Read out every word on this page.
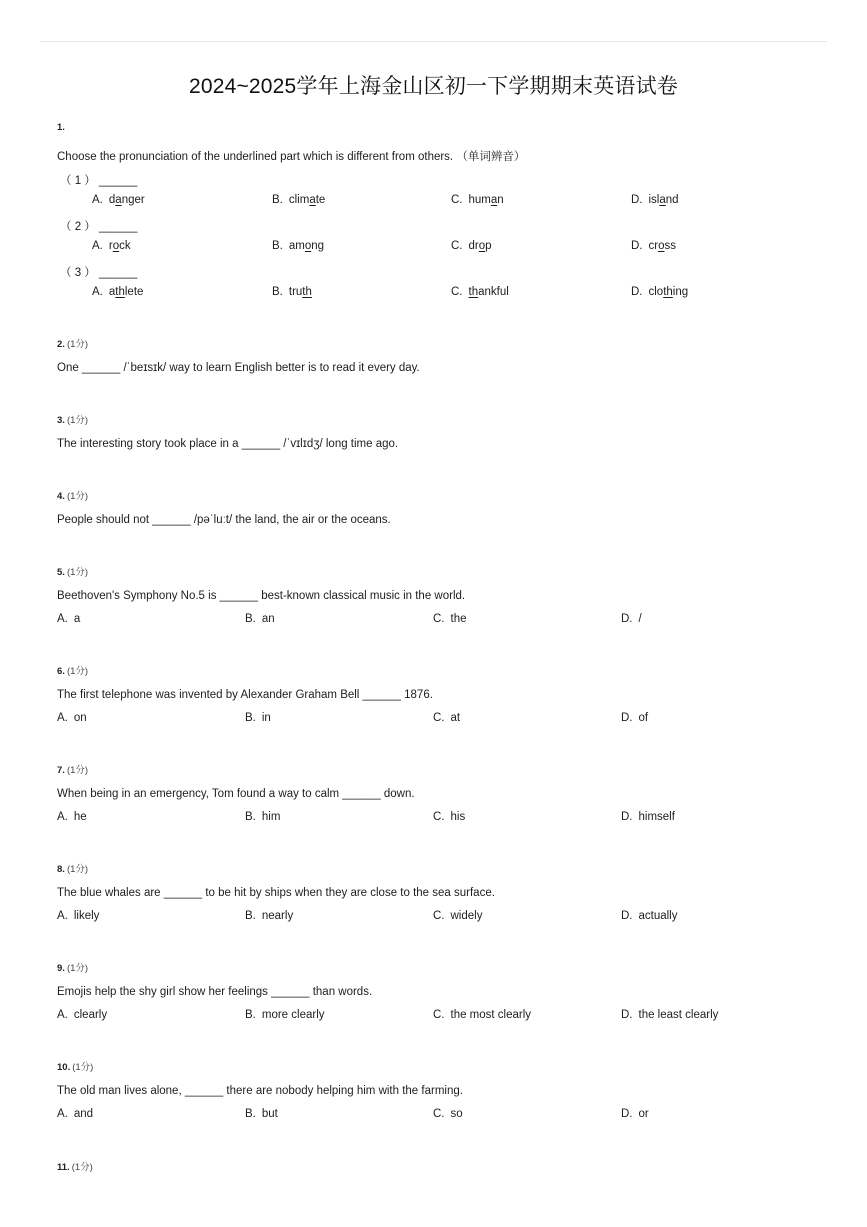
2024~2025学年上海金山区初一下学期期末英语试卷
1.
Choose the pronunciation of the underlined part which is different from others. （单词辨音）
（ 1 ） ______
A. danger	B. climate	C. human	D. island
（ 2 ） ______
A. rock	B. among	C. drop	D. cross
（ 3 ） ______
A. athlete	B. truth	C. thankful	D. clothing
2. (1分)
One ______ /ˈbeɪsɪk/ way to learn English better is to read it every day.
3. (1分)
The interesting story took place in a ______ /ˈvɪlɪdʒ/ long time ago.
4. (1分)
People should not ______ /pəˈluːt/ the land, the air or the oceans.
5. (1分)
Beethoven's Symphony No.5 is ______ best-known classical music in the world.
A. a	B. an	C. the	D. /
6. (1分)
The first telephone was invented by Alexander Graham Bell ______ 1876.
A. on	B. in	C. at	D. of
7. (1分)
When being in an emergency, Tom found a way to calm ______ down.
A. he	B. him	C. his	D. himself
8. (1分)
The blue whales are ______ to be hit by ships when they are close to the sea surface.
A. likely	B. nearly	C. widely	D. actually
9. (1分)
Emojis help the shy girl show her feelings ______ than words.
A. clearly	B. more clearly	C. the most clearly	D. the least clearly
10. (1分)
The old man lives alone, ______ there are nobody helping him with the farming.
A. and	B. but	C. so	D. or
11. (1分)
